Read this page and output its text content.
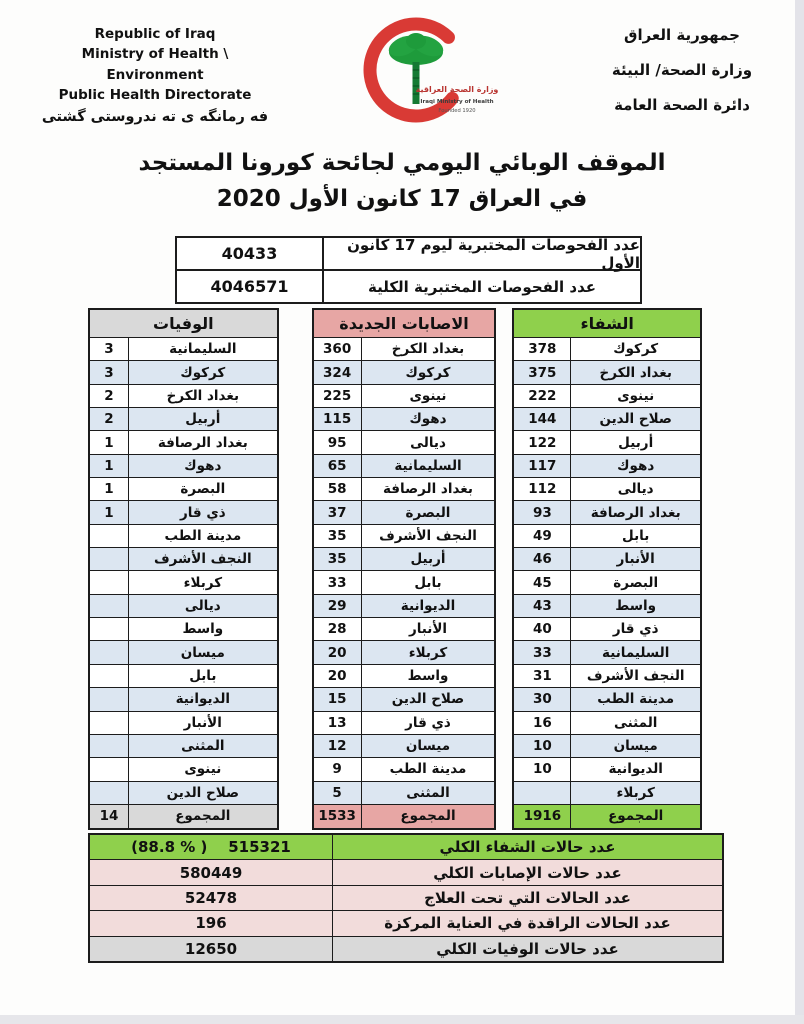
Republic of Iraq
Ministry of Health \ Environment
Public Health Directorate
فه رمانگه ی ته ندروستی گشتی
وزارة الصحة العراقية
Iraqi Ministry of Health
Founded 1920
جمهورية العراق
وزارة الصحة/ البيئة
دائرة الصحة العامة
الموقف الوبائي اليومي لجائحة كورونا المستجد
في العراق 17 كانون الأول 2020
40433	عدد الفحوصات المختبرية ليوم 17 كانون الأول
4046571	عدد الفحوصات المختبرية الكلية
الوفيات
3	السليمانية
3	كركوك
2	بغداد الكرخ
2	أربيل
1	بغداد الرصافة
1	دهوك
1	البصرة
1	ذي قار
مدينة الطب
النجف الأشرف
كربلاء
ديالى
واسط
ميسان
بابل
الديوانية
الأنبار
المثنى
نينوى
صلاح الدين
14	المجموع
الاصابات الجديدة
360	بغداد الكرخ
324	كركوك
225	نينوى
115	دهوك
95	ديالى
65	السليمانية
58	بغداد الرصافة
37	البصرة
35	النجف الأشرف
35	أربيل
33	بابل
29	الديوانية
28	الأنبار
20	كربلاء
20	واسط
15	صلاح الدين
13	ذي قار
12	ميسان
9	مدينة الطب
5	المثنى
1533	المجموع
الشفاء
378	كركوك
375	بغداد الكرخ
222	نينوى
144	صلاح الدين
122	أربيل
117	دهوك
112	ديالى
93	بغداد الرصافة
49	بابل
46	الأنبار
45	البصرة
43	واسط
40	ذي قار
33	السليمانية
31	النجف الأشرف
30	مدينة الطب
16	المثنى
10	ميسان
10	الديوانية
كربلاء
1916	المجموع
(88.8 % )    515321	عدد حالات الشفاء الكلي
580449	عدد حالات الإصابات الكلي
52478	عدد الحالات التي تحت العلاج
196	عدد الحالات الراقدة في العناية المركزة
12650	عدد حالات الوفيات الكلي
